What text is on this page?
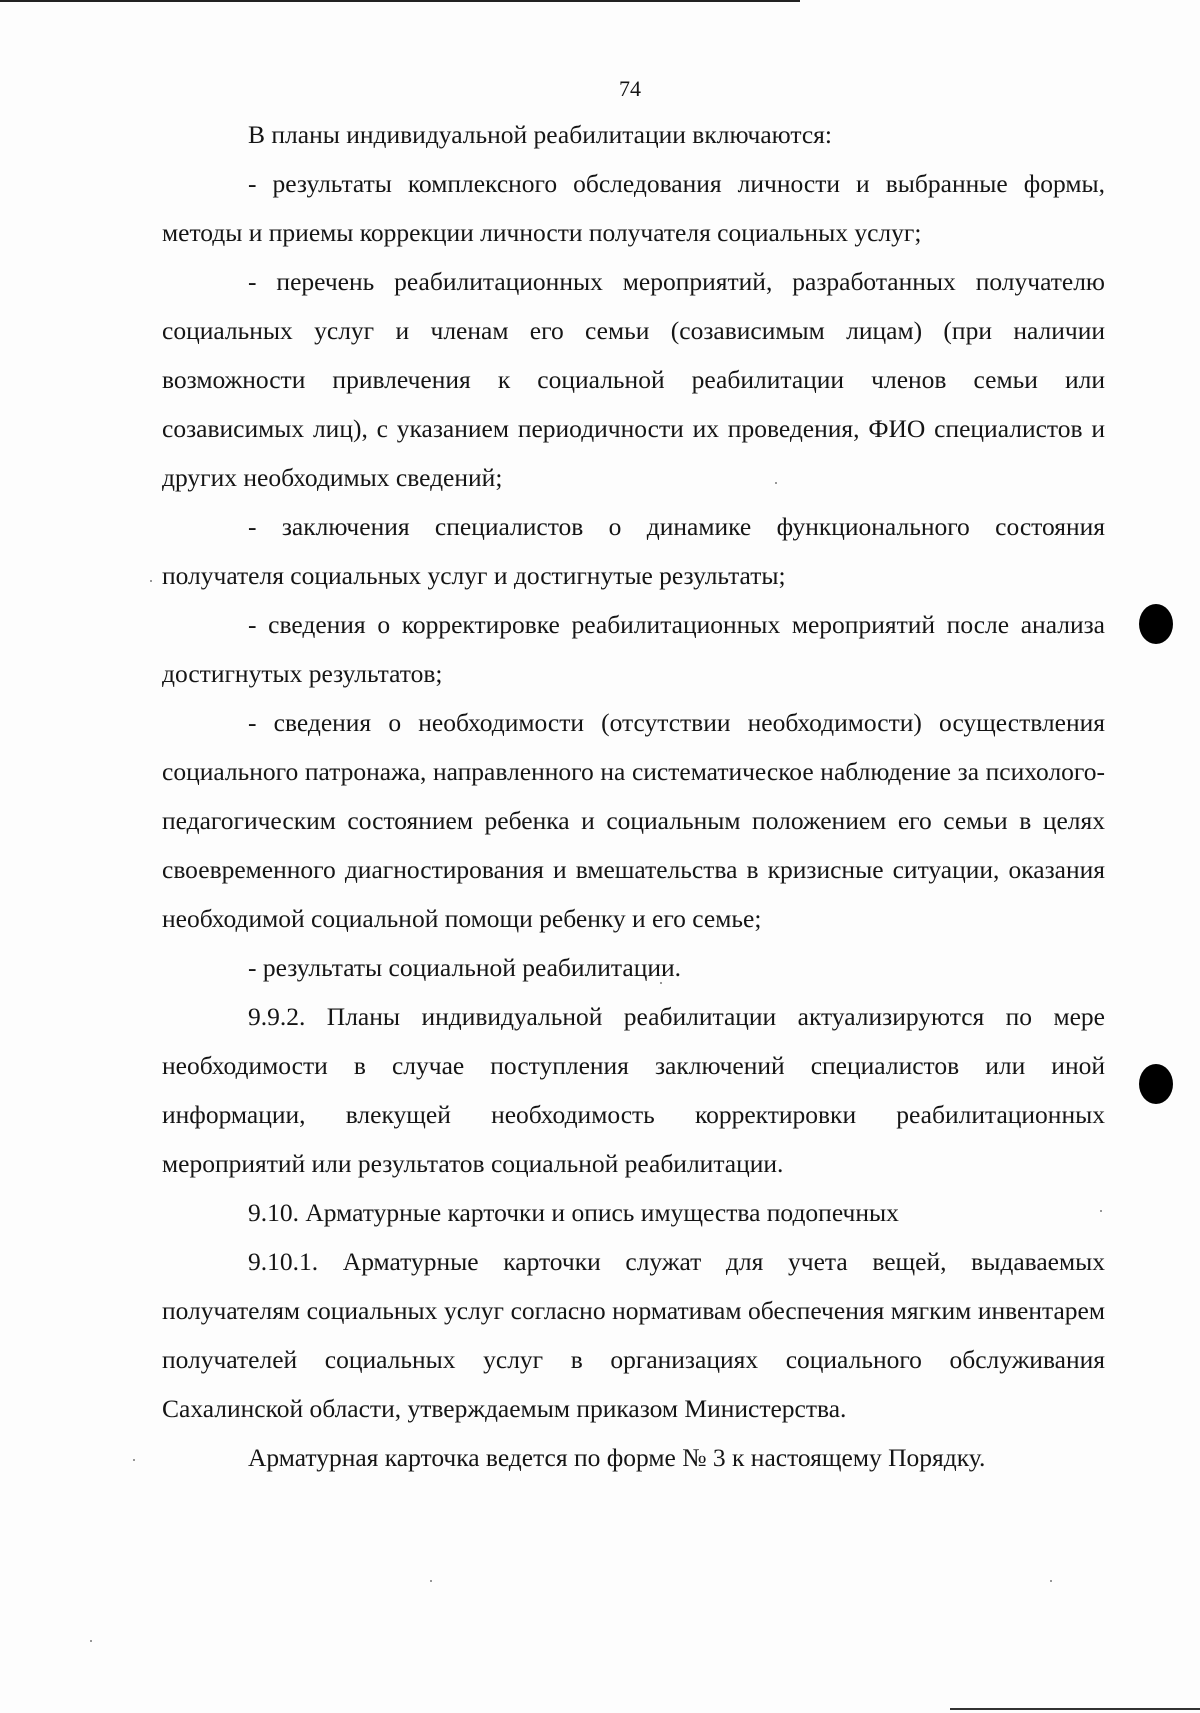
74

В планы индивидуальной реабилитации включаются:

- результаты комплексного обследования личности и выбранные формы, методы и приемы коррекции личности получателя социальных услуг;

- перечень реабилитационных мероприятий, разработанных получателю социальных услуг и членам его семьи (созависимым лицам) (при наличии возможности привлечения к социальной реабилитации членов семьи или созависимых лиц), с указанием периодичности их проведения, ФИО специалистов и других необходимых сведений;

- заключения специалистов о динамике функционального состояния получателя социальных услуг и достигнутые результаты;

- сведения о корректировке реабилитационных мероприятий после анализа достигнутых результатов;

- сведения о необходимости (отсутствии необходимости) осуществления социального патронажа, направленного на систематическое наблюдение за психолого-педагогическим состоянием ребенка и социальным положением его семьи в целях своевременного диагностирования и вмешательства в кризисные ситуации, оказания необходимой социальной помощи ребенку и его семье;

- результаты социальной реабилитации.

9.9.2. Планы индивидуальной реабилитации актуализируются по мере необходимости в случае поступления заключений специалистов или иной информации, влекущей необходимость корректировки реабилитационных мероприятий или результатов социальной реабилитации.

9.10. Арматурные карточки и опись имущества подопечных

9.10.1. Арматурные карточки служат для учета вещей, выдаваемых получателям социальных услуг согласно нормативам обеспечения мягким инвентарем получателей социальных услуг в организациях социального обслуживания Сахалинской области, утверждаемым приказом Министерства.

Арматурная карточка ведется по форме № 3 к настоящему Порядку.
